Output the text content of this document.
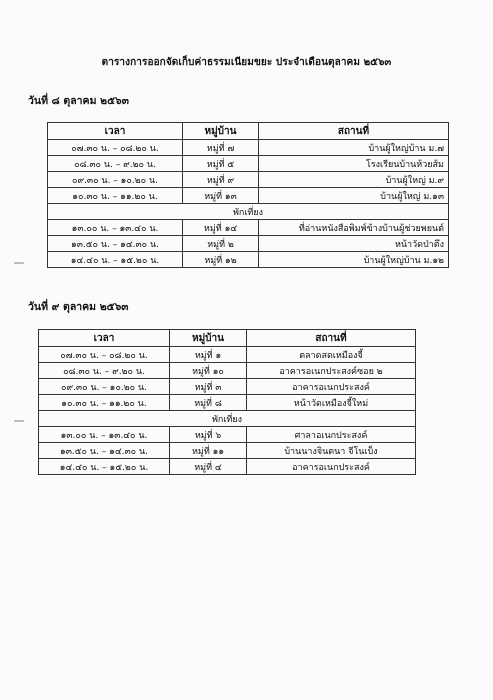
ตารางการออกจัดเก็บค่าธรรมเนียมขยะ ประจำเดือนตุลาคม ๒๕๖๓
วันที่ ๘ ตุลาคม ๒๕๖๓
เวลา	หมู่บ้าน	สถานที่
๐๗.๓๐ น. – ๐๘.๒๐ น.	หมู่ที่ ๗	บ้านผู้ใหญ่บ้าน ม.๗
๐๘.๓๐ น. – ๙.๒๐ น.	หมู่ที่ ๕	โรงเรียนบ้านห้วยส้ม
๐๙.๓๐ น. – ๑๐.๒๐ น.	หมู่ที่ ๙	บ้านผู้ใหญ่ ม.๙
๑๐.๓๐ น. – ๑๑.๒๐ น.	หมู่ที่ ๑๓	บ้านผู้ใหญ่ ม.๑๓
พักเที่ยง		
๑๓.๐๐ น. – ๑๓.๔๐ น.	หมู่ที่ ๑๔	ที่อ่านหนังสือพิมพ์ข้างบ้านผู้ช่วยพยนต์
๑๓.๕๐ น. – ๑๔.๓๐ น.	หมู่ที่ ๒	หน้าวัดป่าตึง
๑๔.๔๐ น. – ๑๕.๒๐ น.	หมู่ที่ ๑๒	บ้านผู้ใหญ่บ้าน ม.๑๒
วันที่ ๙ ตุลาคม ๒๕๖๓
เวลา	หมู่บ้าน	สถานที่
๐๗.๓๐ น. – ๐๘.๒๐ น.	หมู่ที่ ๑	ตลาดสดเหมืองจี้
๐๘.๓๐ น. – ๙.๒๐ น.	หมู่ที่ ๑๐	อาคารอเนกประสงค์ซอย ๒
๐๙.๓๐ น. – ๑๐.๒๐ น.	หมู่ที่ ๓	อาคารอเนกประสงค์
๑๐.๓๐ น. – ๑๑.๒๐ น.	หมู่ที่ ๘	หน้าวัดเหมืองจี้ใหม่
พักเที่ยง		
๑๓.๐๐ น. – ๑๓.๔๐ น.	หมู่ที่ ๖	ศาลาอเนกประสงค์
๑๓.๕๐ น. – ๑๔.๓๐ น.	หมู่ที่ ๑๑	บ้านนางจินตนา จีโนเบ็ง
๑๔.๔๐ น. – ๑๕.๒๐ น.	หมู่ที่ ๔	อาคารอเนกประสงค์
